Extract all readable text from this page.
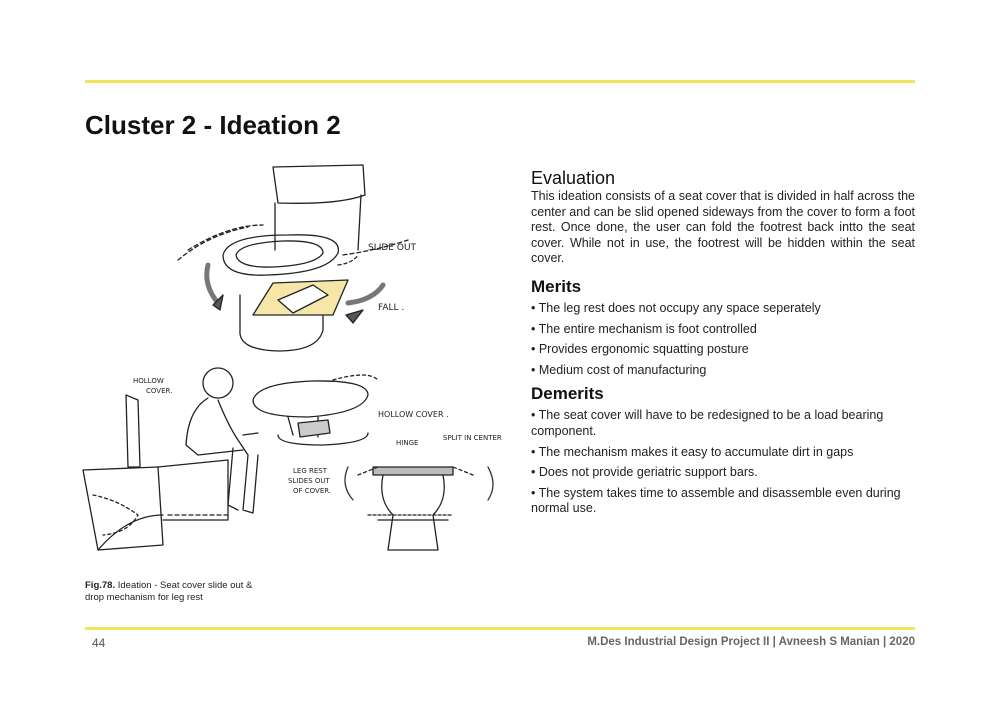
Cluster 2 - Ideation 2
SLIDE OUT
FALL .
HOLLOW
COVER.
HOLLOW COVER .
HINGE
SPLIT IN CENTER
LEG REST
SLIDES OUT
OF COVER.
Fig.78. Ideation - Seat cover slide out & drop mechanism for leg rest
Evaluation

This ideation consists of a seat cover that is divided in half across the center and can be slid opened sideways from the cover to form a foot rest. Once done, the user can fold the footrest back intto the seat cover. While not in use, the footrest will be hidden within the seat cover.

Merits
• The leg rest does not occupy any space seperately
• The entire mechanism is foot controlled
• Provides ergonomic squatting posture
• Medium cost of manufacturing
Demerits
• The seat cover will have to be redesigned to be a load bearing component.
• The mechanism makes it easy to accumulate dirt in gaps
• Does not provide geriatric support bars.
• The system takes time to assemble and disassemble even during normal use.
44	M.Des Industrial Design Project II | Avneesh S Manian | 2020
